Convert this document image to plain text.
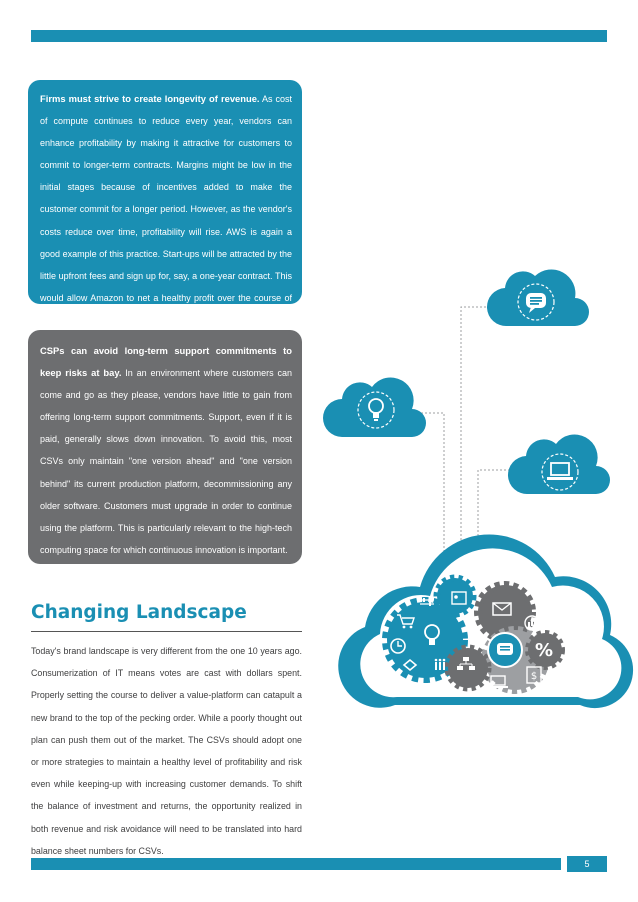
Firms must strive to create longevity of revenue. As cost of compute continues to reduce every year, vendors can enhance profitability by making it attractive for customers to commit to longer-term contracts. Margins might be low in the initial stages because of incentives added to make the customer commit for a longer period. However, as the vendor's costs reduce over time, profitability will rise. AWS is again a good example of this practice. Start-ups will be attracted by the little upfront fees and sign up for, say, a one-year contract. This would allow Amazon to net a healthy profit over the course of the contract.
CSPs can avoid long-term support commitments to keep risks at bay. In an environment where customers can come and go as they please, vendors have little to gain from offering long-term support commitments. Support, even if it is paid, generally slows down innovation. To avoid this, most CSVs only maintain "one version ahead" and "one version behind" its current production platform, decommissioning any older software. Customers must upgrade in order to continue using the platform. This is particularly relevant to the high-tech computing space for which continuous innovation is important.
Changing Landscape

Today's brand landscape is very different from the one 10 years ago. Consumerization of IT means votes are cast with dollars spent. Properly setting the course to deliver a value-platform can catapult a new brand to the top of the pecking order. While a poorly thought out plan can push them out of the market. The CSVs should adopt one or more strategies to maintain a healthy level of profitability and risk even while keeping-up with increasing customer demands. To shift the balance of investment and returns, the opportunity realized in both revenue and risk avoidance will need to be translated into hard balance sheet numbers for CSVs.

%
$
5
